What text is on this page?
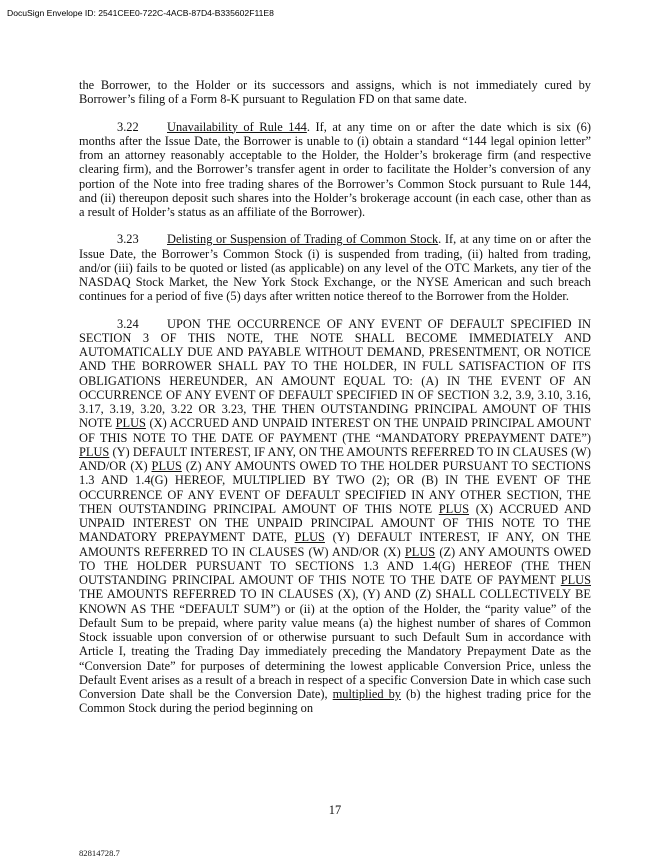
DocuSign Envelope ID: 2541CEE0-722C-4ACB-87D4-B335602F11E8

the Borrower, to the Holder or its successors and assigns, which is not immediately cured by Borrower’s filing of a Form 8-K pursuant to Regulation FD on that same date.

3.22 Unavailability of Rule 144. If, at any time on or after the date which is six (6) months after the Issue Date, the Borrower is unable to (i) obtain a standard “144 legal opinion letter” from an attorney reasonably acceptable to the Holder, the Holder’s brokerage firm (and respective clearing firm), and the Borrower’s transfer agent in order to facilitate the Holder’s conversion of any portion of the Note into free trading shares of the Borrower’s Common Stock pursuant to Rule 144, and (ii) thereupon deposit such shares into the Holder’s brokerage account (in each case, other than as a result of Holder’s status as an affiliate of the Borrower).

3.23 Delisting or Suspension of Trading of Common Stock. If, at any time on or after the Issue Date, the Borrower’s Common Stock (i) is suspended from trading, (ii) halted from trading, and/or (iii) fails to be quoted or listed (as applicable) on any level of the OTC Markets, any tier of the NASDAQ Stock Market, the New York Stock Exchange, or the NYSE American and such breach continues for a period of five (5) days after written notice thereof to the Borrower from the Holder.

3.24 UPON THE OCCURRENCE OF ANY EVENT OF DEFAULT SPECIFIED IN SECTION 3 OF THIS NOTE, THE NOTE SHALL BECOME IMMEDIATELY AND AUTOMATICALLY DUE AND PAYABLE WITHOUT DEMAND, PRESENTMENT, OR NOTICE AND THE BORROWER SHALL PAY TO THE HOLDER, IN FULL SATISFACTION OF ITS OBLIGATIONS HEREUNDER, AN AMOUNT EQUAL TO: (A) IN THE EVENT OF AN OCCURRENCE OF ANY EVENT OF DEFAULT SPECIFIED IN OF SECTION 3.2, 3.9, 3.10, 3.16, 3.17, 3.19, 3.20, 3.22 OR 3.23, THE THEN OUTSTANDING PRINCIPAL AMOUNT OF THIS NOTE PLUS (X) ACCRUED AND UNPAID INTEREST ON THE UNPAID PRINCIPAL AMOUNT OF THIS NOTE TO THE DATE OF PAYMENT (THE “MANDATORY PREPAYMENT DATE”) PLUS (Y) DEFAULT INTEREST, IF ANY, ON THE AMOUNTS REFERRED TO IN CLAUSES (W) AND/OR (X) PLUS (Z) ANY AMOUNTS OWED TO THE HOLDER PURSUANT TO SECTIONS 1.3 AND 1.4(G) HEREOF, MULTIPLIED BY TWO (2); OR (B) IN THE EVENT OF THE OCCURRENCE OF ANY EVENT OF DEFAULT SPECIFIED IN ANY OTHER SECTION, THE THEN OUTSTANDING PRINCIPAL AMOUNT OF THIS NOTE PLUS (X) ACCRUED AND UNPAID INTEREST ON THE UNPAID PRINCIPAL AMOUNT OF THIS NOTE TO THE MANDATORY PREPAYMENT DATE, PLUS (Y) DEFAULT INTEREST, IF ANY, ON THE AMOUNTS REFERRED TO IN CLAUSES (W) AND/OR (X) PLUS (Z) ANY AMOUNTS OWED TO THE HOLDER PURSUANT TO SECTIONS 1.3 AND 1.4(G) HEREOF (THE THEN OUTSTANDING PRINCIPAL AMOUNT OF THIS NOTE TO THE DATE OF PAYMENT PLUS THE AMOUNTS REFERRED TO IN CLAUSES (X), (Y) AND (Z) SHALL COLLECTIVELY BE KNOWN AS THE “DEFAULT SUM”) or (ii) at the option of the Holder, the “parity value” of the Default Sum to be prepaid, where parity value means (a) the highest number of shares of Common Stock issuable upon conversion of or otherwise pursuant to such Default Sum in accordance with Article I, treating the Trading Day immediately preceding the Mandatory Prepayment Date as the “Conversion Date” for purposes of determining the lowest applicable Conversion Price, unless the Default Event arises as a result of a breach in respect of a specific Conversion Date in which case such Conversion Date shall be the Conversion Date), multiplied by (b) the highest trading price for the Common Stock during the period beginning on

17
82814728.7
